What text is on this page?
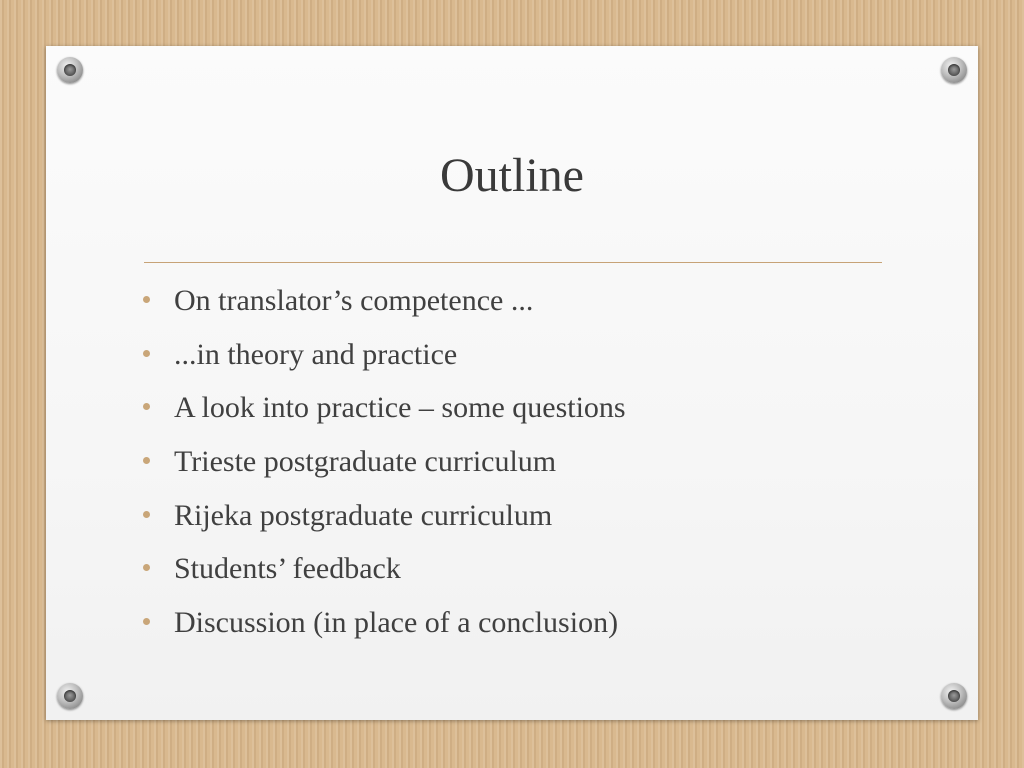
Outline
On translator’s competence ...
...in theory and practice
A look into practice – some questions
Trieste postgraduate curriculum
Rijeka postgraduate curriculum
Students’ feedback
Discussion (in place of a conclusion)
